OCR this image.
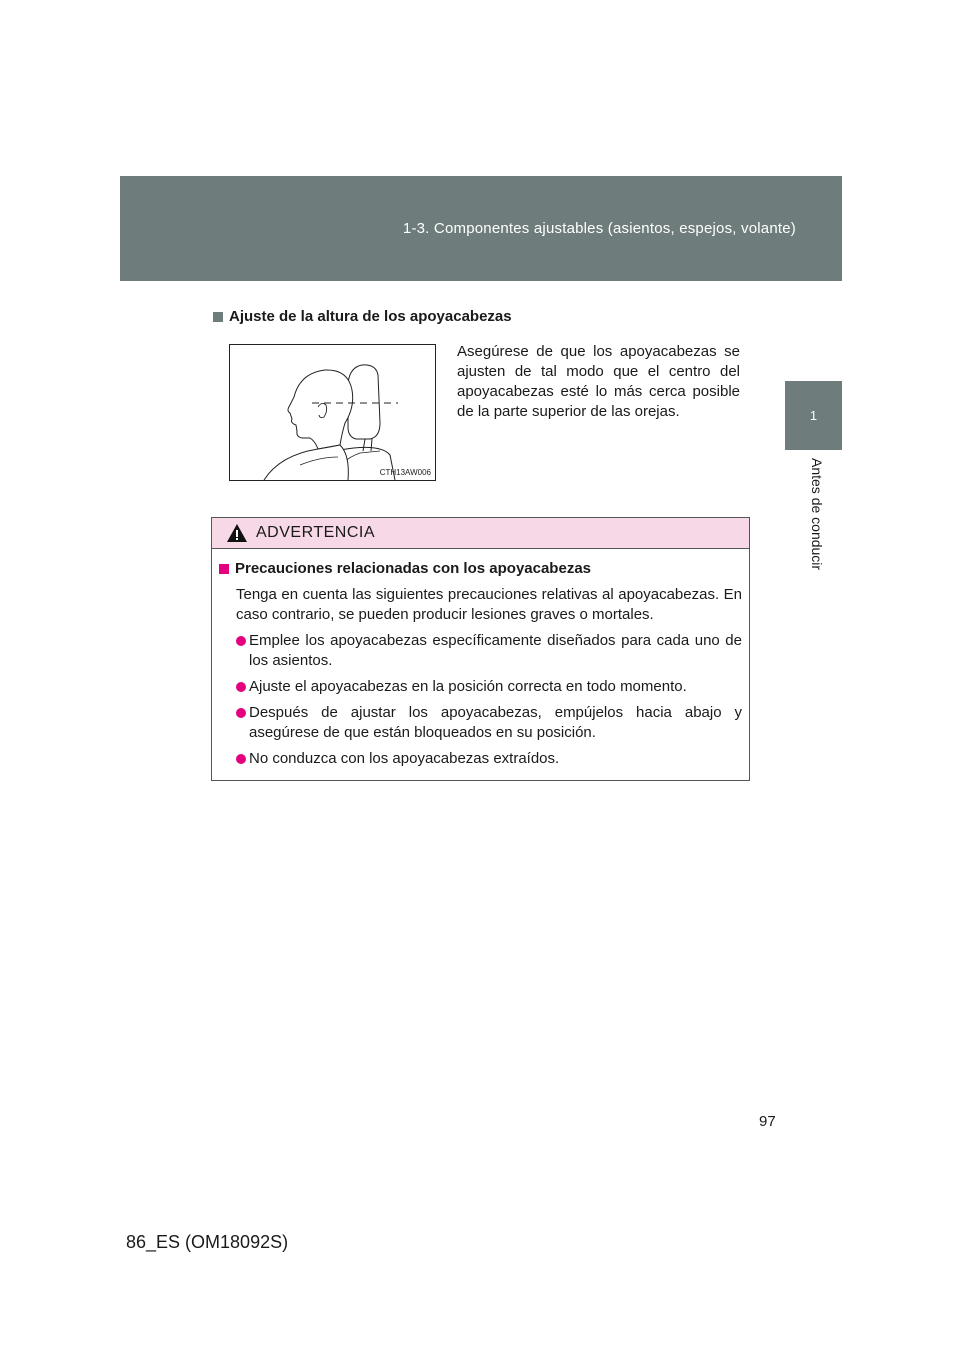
1-3. Componentes ajustables (asientos, espejos, volante)
1
Antes de conducir
Ajuste de la altura de los apoyacabezas
CTH13AW006
Asegúrese de que los apoyacabezas se ajusten de tal modo que el centro del apoyacabezas esté lo más cerca posible de la parte superior de las orejas.
ADVERTENCIA
Precauciones relacionadas con los apoyacabezas
Tenga en cuenta las siguientes precauciones relativas al apoyacabezas. En caso contrario, se pueden producir lesiones graves o mortales.
Emplee los apoyacabezas específicamente diseñados para cada uno de los asientos.
Ajuste el apoyacabezas en la posición correcta en todo momento.
Después de ajustar los apoyacabezas, empújelos hacia abajo y asegúrese de que están bloqueados en su posición.
No conduzca con los apoyacabezas extraídos.
97
86_ES (OM18092S)
